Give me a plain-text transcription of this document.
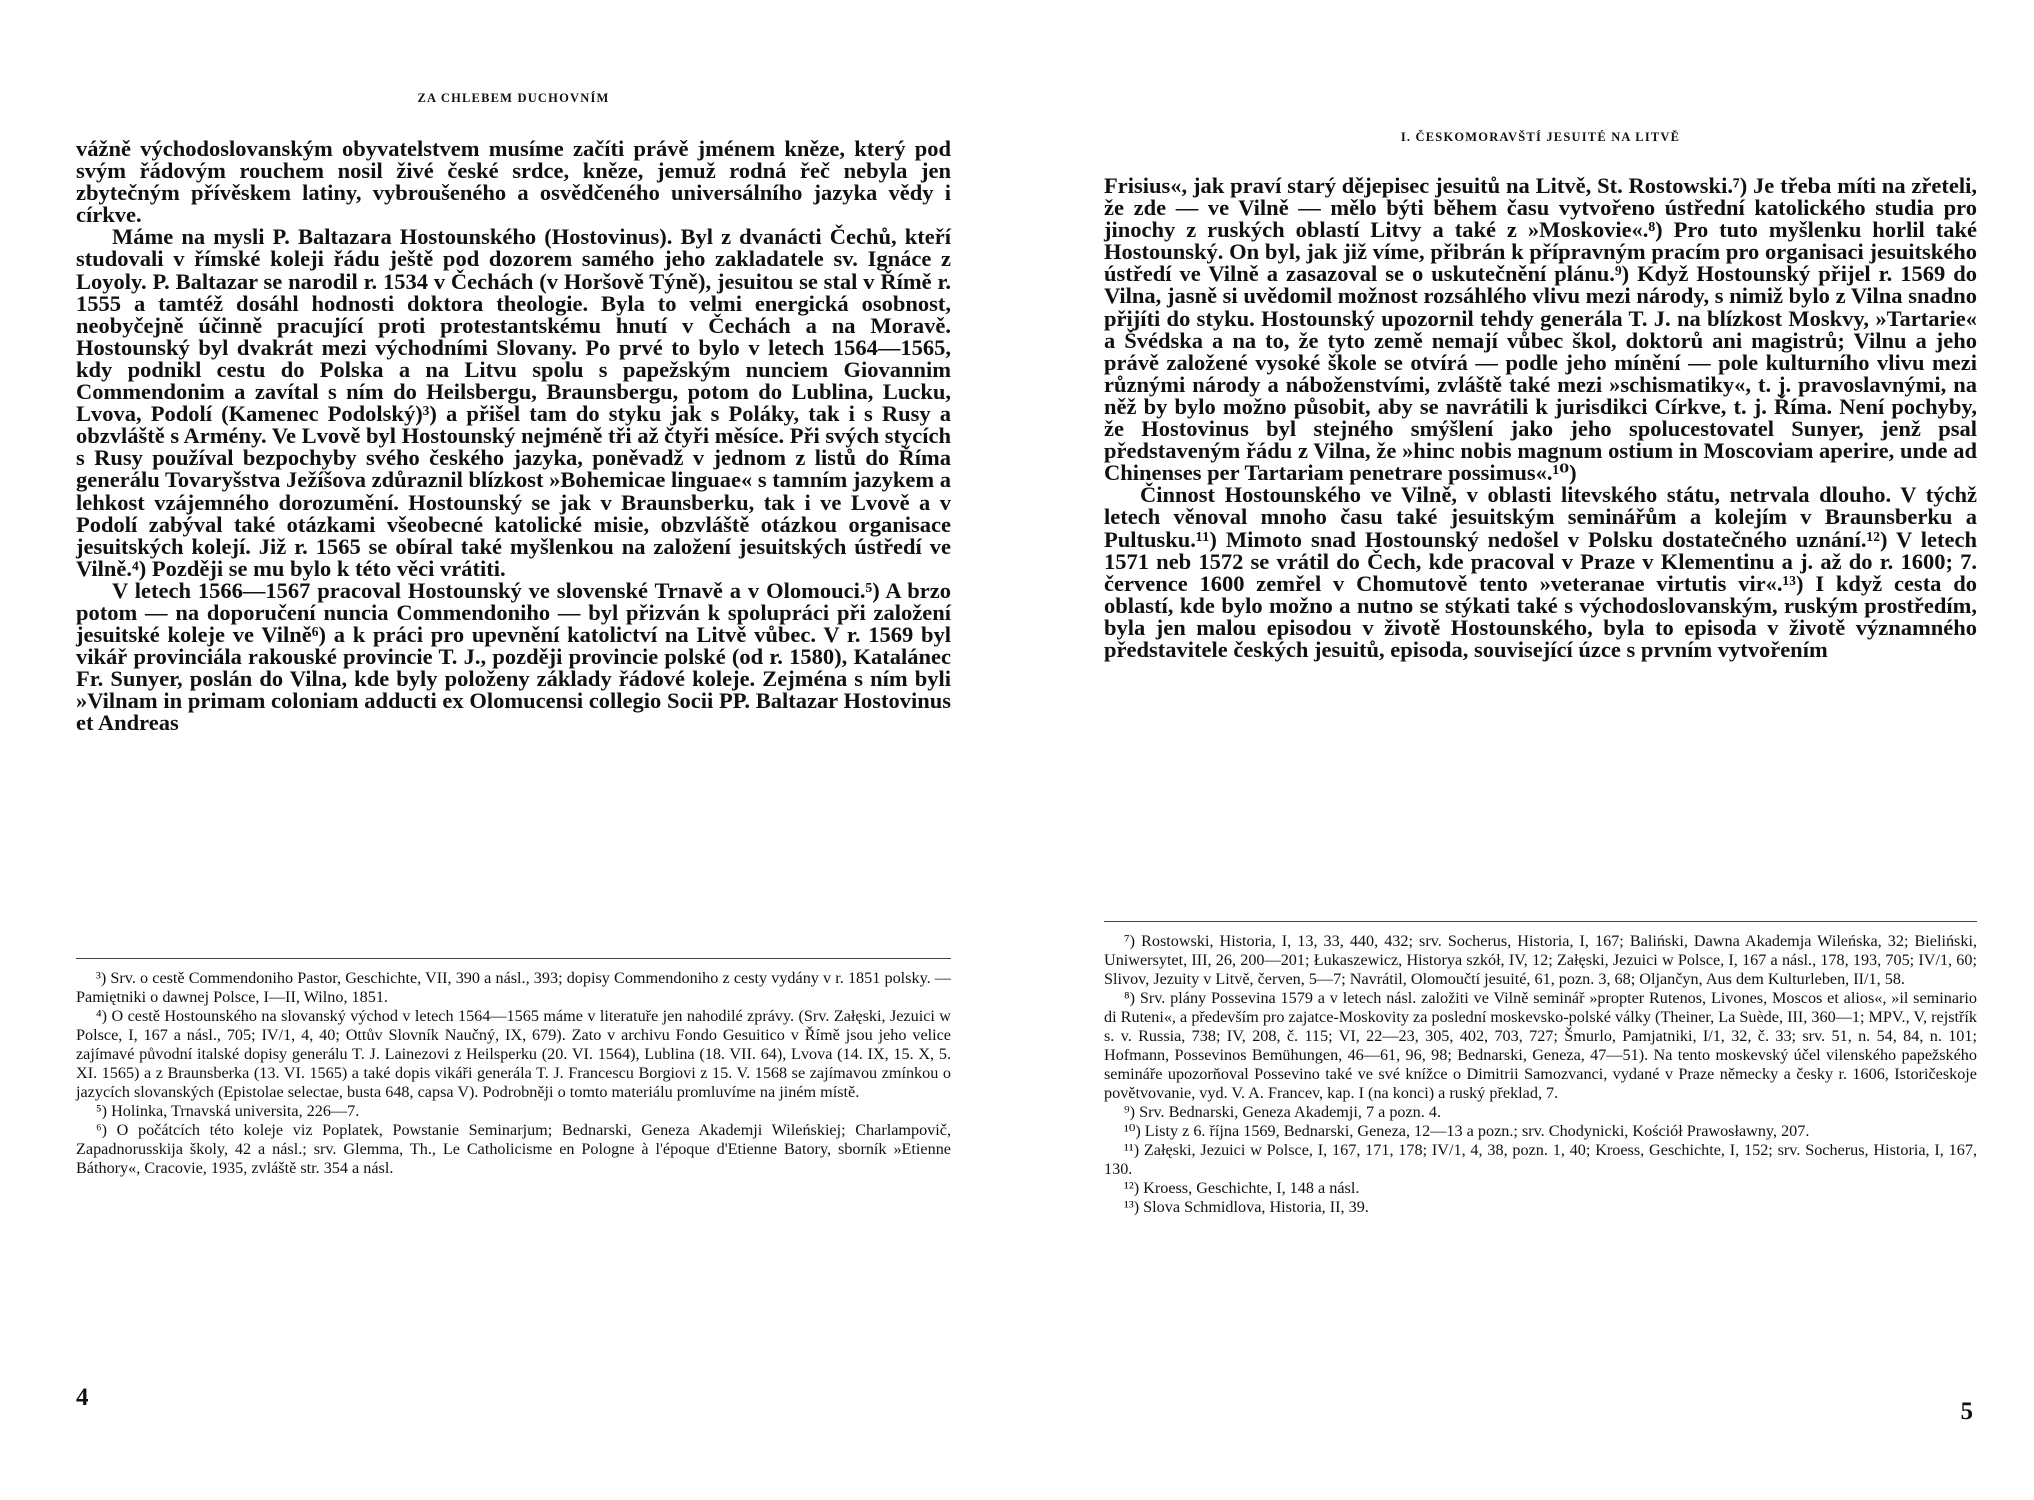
ZA CHLEBEM DUCHOVNÍM

vážně východoslovanským obyvatelstvem musíme začíti právě jménem kněze, který pod svým řádovým rouchem nosil živé české srdce, kněze, jemuž rodná řeč nebyla jen zbytečným přívěskem latiny, vybroušeného a osvědčeného universálního jazyka vědy i církve.

Máme na mysli P. Baltazara Hostounského (Hostovinus). Byl z dvanácti Čechů, kteří studovali v římské koleji řádu ještě pod dozorem samého jeho zakladatele sv. Ignáce z Loyoly. P. Baltazar se narodil r. 1534 v Čechách (v Horšově Týně), jesuitou se stal v Římě r. 1555 a tamtéž dosáhl hodnosti doktora theologie. Byla to velmi energická osobnost, neobyčejně účinně pracující proti protestantskému hnutí v Čechách a na Moravě. Hostounský byl dvakrát mezi východními Slovany. Po prvé to bylo v letech 1564—1565, kdy podnikl cestu do Polska a na Litvu spolu s papežským nunciem Giovannim Commendonim a zavítal s ním do Heilsbergu, Braunsbergu, potom do Lublina, Lucku, Lvova, Podolí (Kamenec Podolský)³) a přišel tam do styku jak s Poláky, tak i s Rusy a obzvláště s Armény. Ve Lvově byl Hostounský nejméně tři až čtyři měsíce. Při svých stycích s Rusy používal bezpochyby svého českého jazyka, poněvadž v jednom z listů do Říma generálu Tovaryšstva Ježíšova zdůraznil blízkost »Bohemicae linguae« s tamním jazykem a lehkost vzájemného dorozumění. Hostounský se jak v Braunsberku, tak i ve Lvově a v Podolí zabýval také otázkami všeobecné katolické misie, obzvláště otázkou organisace jesuitských kolejí. Již r. 1565 se obíral také myšlenkou na založení jesuitských ústředí ve Vilně.⁴) Později se mu bylo k této věci vrátiti.

V letech 1566—1567 pracoval Hostounský ve slovenské Trnavě a v Olomouci.⁵) A brzo potom — na doporučení nuncia Commendoniho — byl přizván k spolupráci při založení jesuitské koleje ve Vilně⁶) a k práci pro upevnění katolictví na Litvě vůbec. V r. 1569 byl vikář provinciála rakouské provincie T. J., později provincie polské (od r. 1580), Katalánec Fr. Sunyer, poslán do Vilna, kde byly položeny základy řádové koleje. Zejména s ním byli »Vilnam in primam coloniam adducti ex Olomucensi collegio Socii PP. Baltazar Hostovinus et Andreas

³) Srv. o cestě Commendoniho Pastor, Geschichte, VII, 390 a násl., 393; dopisy Commendoniho z cesty vydány v r. 1851 polsky. — Pamiętniki o dawnej Polsce, I—II, Wilno, 1851.

⁴) O cestě Hostounského na slovanský východ v letech 1564—1565 máme v literatuře jen nahodilé zprávy. (Srv. Załęski, Jezuici w Polsce, I, 167 a násl., 705; IV/1, 4, 40; Ottův Slovník Naučný, IX, 679). Zato v archivu Fondo Gesuitico v Římě jsou jeho velice zajímavé původní italské dopisy generálu T. J. Lainezovi z Heilsperku (20. VI. 1564), Lublina (18. VII. 64), Lvova (14. IX, 15. X, 5. XI. 1565) a z Braunsberka (13. VI. 1565) a také dopis vikáři generála T. J. Francescu Borgiovi z 15. V. 1568 se zajímavou zmínkou o jazycích slovanských (Epistolae selectae, busta 648, capsa V). Podrobněji o tomto materiálu promluvíme na jiném místě.

⁵) Holinka, Trnavská universita, 226—7.

⁶) O počátcích této koleje viz Poplatek, Powstanie Seminarjum; Bednarski, Geneza Akademji Wileńskiej; Charlampovič, Zapadnorusskija školy, 42 a násl.; srv. Glemma, Th., Le Catholicisme en Pologne à l'époque d'Etienne Batory, sborník »Etienne Báthory«, Cracovie, 1935, zvláště str. 354 a násl.

4
I. ČESKOMORAVŠTÍ JESUITÉ NA LITVĚ

Frisius«, jak praví starý dějepisec jesuitů na Litvě, St. Rostowski.⁷) Je třeba míti na zřeteli, že zde — ve Vilně — mělo býti během času vytvořeno ústřední katolického studia pro jinochy z ruských oblastí Litvy a také z »Moskovie«.⁸) Pro tuto myšlenku horlil také Hostounský. On byl, jak již víme, přibrán k přípravným pracím pro organisaci jesuitského ústředí ve Vilně a zasazoval se o uskutečnění plánu.⁹) Když Hostounský přijel r. 1569 do Vilna, jasně si uvědomil možnost rozsáhlého vlivu mezi národy, s nimiž bylo z Vilna snadno přijíti do styku. Hostounský upozornil tehdy generála T. J. na blízkost Moskvy, »Tartarie« a Švédska a na to, že tyto země nemají vůbec škol, doktorů ani magistrů; Vilnu a jeho právě založené vysoké škole se otvírá — podle jeho mínění — pole kulturního vlivu mezi různými národy a náboženstvími, zvláště také mezi »schismatiky«, t. j. pravoslavnými, na něž by bylo možno působit, aby se navrátili k jurisdikci Církve, t. j. Říma. Není pochyby, že Hostovinus byl stejného smýšlení jako jeho spolucestovatel Sunyer, jenž psal představeným řádu z Vilna, že »hinc nobis magnum ostium in Moscoviam aperire, unde ad Chinenses per Tartariam penetrare possimus«.¹⁰)

Činnost Hostounského ve Vilně, v oblasti litevského státu, netrvala dlouho. V týchž letech věnoval mnoho času také jesuitským seminářům a kolejím v Braunsberku a Pultusku.¹¹) Mimoto snad Hostounský nedošel v Polsku dostatečného uznání.¹²) V letech 1571 neb 1572 se vrátil do Čech, kde pracoval v Praze v Klementinu a j. až do r. 1600; 7. července 1600 zemřel v Chomutově tento »veteranae virtutis vir«.¹³) I když cesta do oblastí, kde bylo možno a nutno se stýkati také s východoslovanským, ruským prostředím, byla jen malou episodou v životě Hostounského, byla to episoda v životě významného představitele českých jesuitů, episoda, související úzce s prvním vytvořením

⁷) Rostowski, Historia, I, 13, 33, 440, 432; srv. Socherus, Historia, I, 167; Baliński, Dawna Akademja Wileńska, 32; Bieliński, Uniwersytet, III, 26, 200—201; Łukaszewicz, Historya szkół, IV, 12; Załęski, Jezuici w Polsce, I, 167 a násl., 178, 193, 705; IV/1, 60; Slivov, Jezuity v Litvě, červen, 5—7; Navrátil, Olomoučtí jesuité, 61, pozn. 3, 68; Oljančyn, Aus dem Kulturleben, II/1, 58.

⁸) Srv. plány Possevina 1579 a v letech násl. založiti ve Vilně seminář »propter Rutenos, Livones, Moscos et alios«, »il seminario di Ruteni«, a především pro zajatce-Moskovity za poslední moskevsko-polské války (Theiner, La Suède, III, 360—1; MPV., V, rejstřík s. v. Russia, 738; IV, 208, č. 115; VI, 22—23, 305, 402, 703, 727; Šmurlo, Pamjatniki, I/1, 32, č. 33; srv. 51, n. 54, 84, n. 101; Hofmann, Possevinos Bemühungen, 46—61, 96, 98; Bednarski, Geneza, 47—51). Na tento moskevský účel vilenského papežského semináře upozorňoval Possevino také ve své knížce o Dimitrii Samozvanci, vydané v Praze německy a česky r. 1606, Istoričeskoje povětvovanie, vyd. V. A. Francev, kap. I (na konci) a ruský překlad, 7.

⁹) Srv. Bednarski, Geneza Akademji, 7 a pozn. 4.

¹⁰) Listy z 6. října 1569, Bednarski, Geneza, 12—13 a pozn.; srv. Chodynicki, Kościół Prawosławny, 207.

¹¹) Załęski, Jezuici w Polsce, I, 167, 171, 178; IV/1, 4, 38, pozn. 1, 40; Kroess, Geschichte, I, 152; srv. Socherus, Historia, I, 167, 130.

¹²) Kroess, Geschichte, I, 148 a násl.

¹³) Slova Schmidlova, Historia, II, 39.

5
